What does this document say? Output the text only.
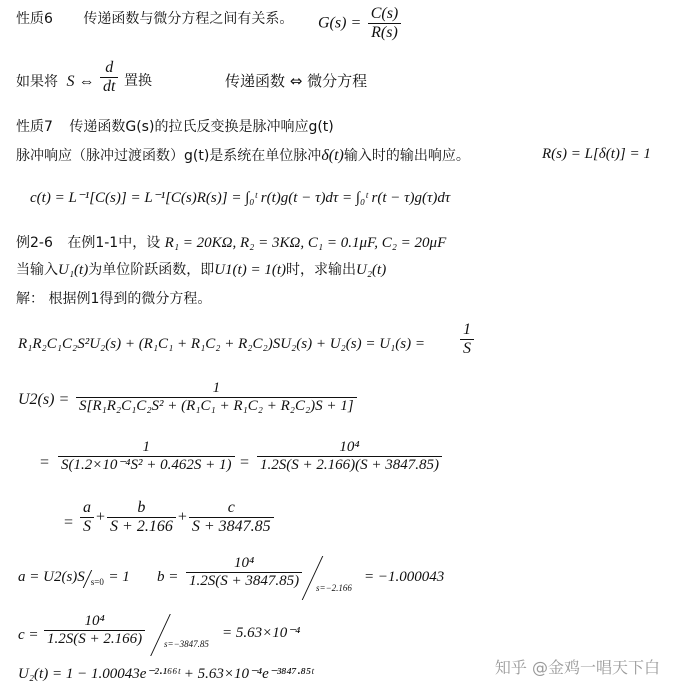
性质6 传递函数与微分方程之间有关系。 $G(s) = \frac{C(s)}{R(s)}$
如果将 S ⇔ $\frac{d}{dt}$ 置换	传递函数 ⇔ 微分方程
性质7 传递函数G(s)的拉氏反变换是脉冲响应g(t)
脉冲响应（脉冲过渡函数）g(t)是系统在单位脉冲δ(t)输入时的输出响应。	R(s) = L[δ(t)] = 1
c(t) = L⁻¹[C(s)] = L⁻¹[C(s)R(s)] = ∫₀ᵗ r(t)g(t − τ)dτ = ∫₀ᵗ r(t − τ)g(τ)dτ
例2-6 在例1-1中，设 R₁ = 20KΩ, R₂ = 3KΩ, C₁ = 0.1μF, C₂ = 20μF
当输入U₁(t)为单位阶跃函数，即U1(t) = 1(t)时，求输出U₂(t)
解： 根据例1得到的微分方程。
$R_1R_2C_1C_2S^2U_2(s) + (R_1C_1 + R_1C_2 + R_2C_2)SU_2(s) + U_2(s) = U_1(s) = \frac{1}{S}$
$U2(s) = \frac{1}{\text{S[R₁R₂C₁C₂S² + (R₁C₁ + R₁C₂ + R₂C₂)S + 1]}}$
= $\frac{1}{\text{S(1.2×10⁻⁴S² + 0.462S + 1)}} = \frac{\text{10⁴}}{1.2S(S + 2.166)(S + 3847.85)}$
= $\frac{a}{S} + \frac{b}{S + 2.166} + \frac{c}{S + 3847.85}$
a = U2(s)S $_{s=0}$ = 1 $b = \frac{\text{10⁴}}{1.2S(S + 3847.85)} s=-2.166$
= −1.000043
$c = \frac{\text{10⁴}}{1.2S(S + 2.166)} s=-3847.85$
= 5.63×10⁻⁴
U₂(t) = 1 − 1.00043e⁻²·¹⁶⁶ᵗ + 5.63×10⁻⁴e⁻³⁸⁴⁷·⁸⁵ᵗ	知乎 @金鸡一唱天下白
